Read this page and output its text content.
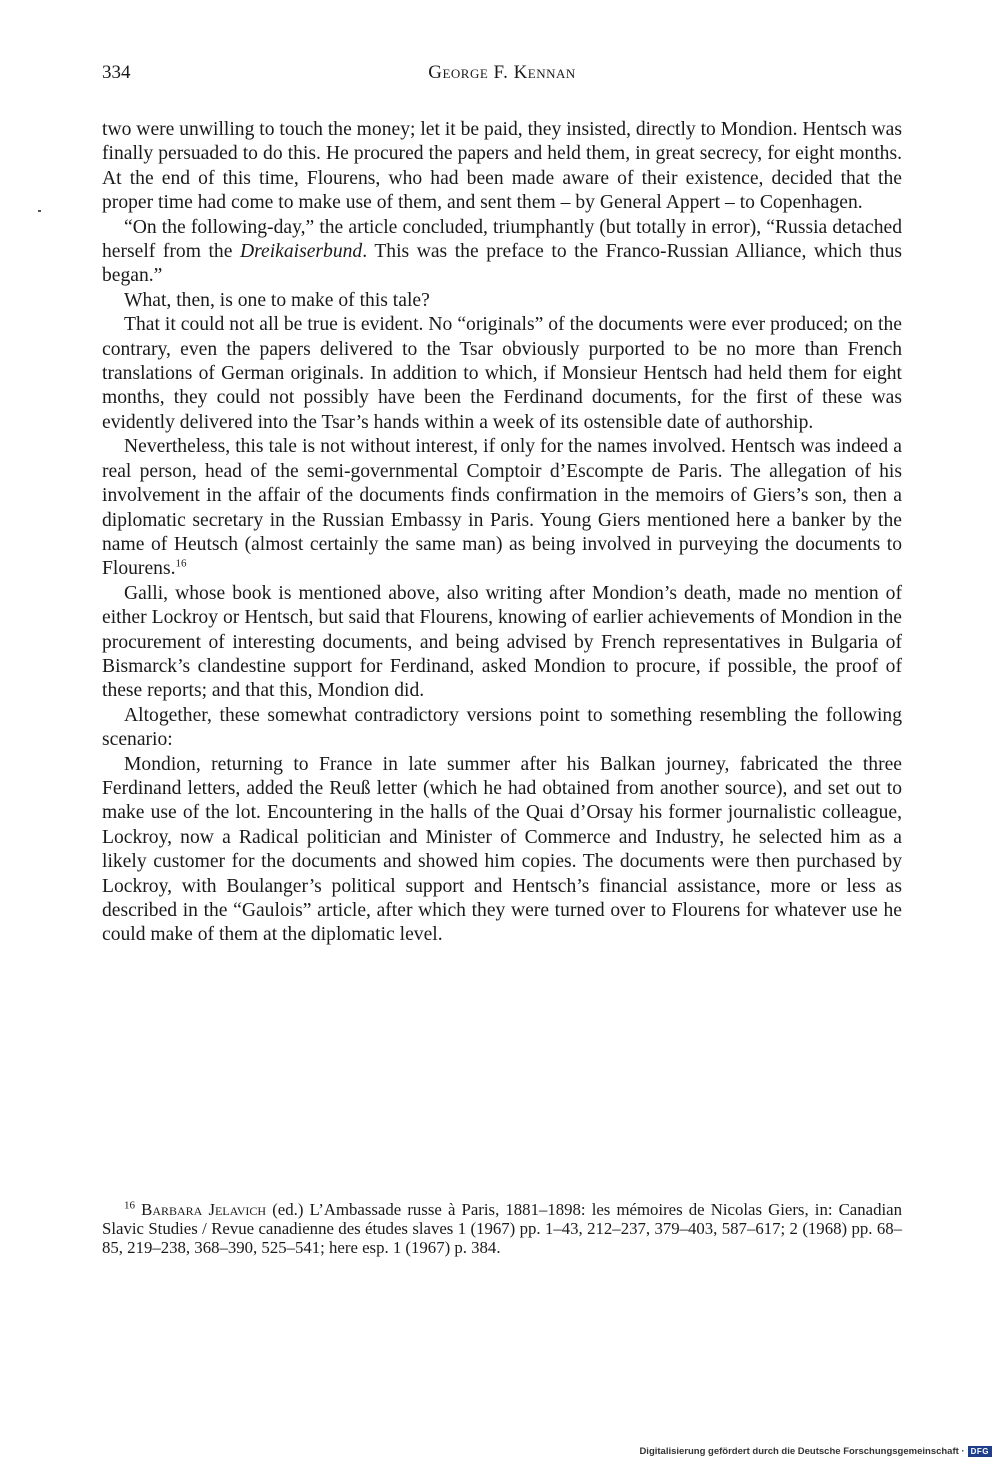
334	George F. Kennan

two were unwilling to touch the money; let it be paid, they insisted, directly to Mondion. Hentsch was finally persuaded to do this. He procured the papers and held them, in great secrecy, for eight months. At the end of this time, Flourens, who had been made aware of their existence, decided that the proper time had come to make use of them, and sent them – by General Appert – to Copenhagen.

“On the following-day,” the article concluded, triumphantly (but totally in error), “Russia detached herself from the Dreikaiserbund. This was the preface to the Franco-Russian Alliance, which thus began.”

What, then, is one to make of this tale?

That it could not all be true is evident. No “originals” of the documents were ever produced; on the contrary, even the papers delivered to the Tsar obviously purported to be no more than French translations of German originals. In addition to which, if Monsieur Hentsch had held them for eight months, they could not possibly have been the Ferdinand documents, for the first of these was evidently delivered into the Tsar’s hands within a week of its ostensible date of authorship.

Nevertheless, this tale is not without interest, if only for the names involved. Hentsch was indeed a real person, head of the semi-governmental Comptoir d’Escompte de Paris. The allegation of his involvement in the affair of the documents finds confirmation in the memoirs of Giers’s son, then a diplomatic secretary in the Russian Embassy in Paris. Young Giers mentioned here a banker by the name of Heutsch (almost certainly the same man) as being involved in purveying the documents to Flourens.$^{16}$

Galli, whose book is mentioned above, also writing after Mondion’s death, made no mention of either Lockroy or Hentsch, but said that Flourens, knowing of earlier achievements of Mondion in the procurement of interesting documents, and being advised by French representatives in Bulgaria of Bismarck’s clandestine support for Ferdinand, asked Mondion to procure, if possible, the proof of these reports; and that this, Mondion did.

Altogether, these somewhat contradictory versions point to something resembling the following scenario:

Mondion, returning to France in late summer after his Balkan journey, fabricated the three Ferdinand letters, added the Reuß letter (which he had obtained from another source), and set out to make use of the lot. Encountering in the halls of the Quai d’Orsay his former journalistic colleague, Lockroy, now a Radical politician and Minister of Commerce and Industry, he selected him as a likely customer for the documents and showed him copies. The documents were then purchased by Lockroy, with Boulanger’s political support and Hentsch’s financial assistance, more or less as described in the “Gaulois” article, after which they were turned over to Flourens for whatever use he could make of them at the diplomatic level.

$^{16}$ Barbara Jelavich (ed.) L’Ambassade russe à Paris, 1881–1898: les mémoires de Nicolas Giers, in: Canadian Slavic Studies / Revue canadienne des études slaves 1 (1967) pp. 1–43, 212–237, 379–403, 587–617; 2 (1968) pp. 68–85, 219–238, 368–390, 525–541; here esp. 1 (1967) p. 384.
Digitalisierung gefördert durch die Deutsche Forschungsgemeinschaft · DFG
